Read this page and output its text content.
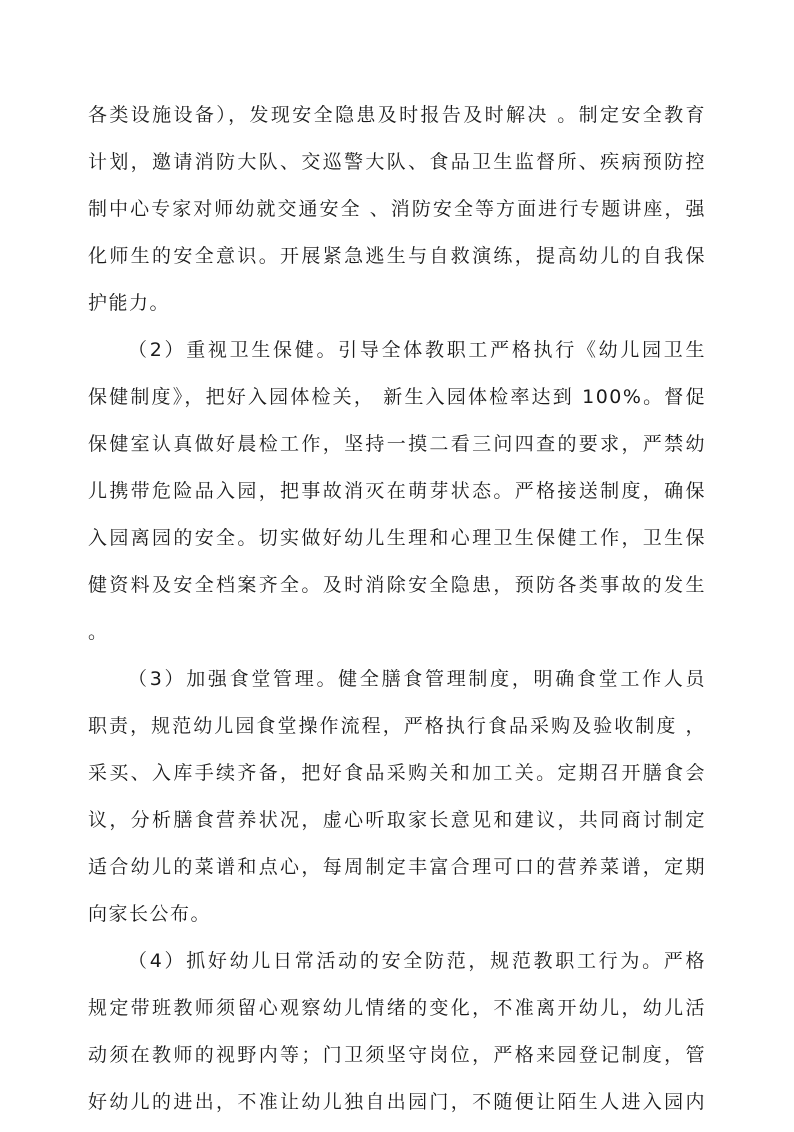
各类设施设备），发现安全隐患及时报告及时解决 。制定安全教育
计划，邀请消防大队、交巡警大队、食品卫生监督所、疾病预防控
制中心专家对师幼就交通安全 、消防安全等方面进行专题讲座，强
化师生的安全意识。开展紧急逃生与自救演练，提高幼儿的自我保
护能力。
（2）重视卫生保健。引导全体教职工严格执行《幼儿园卫生
保健制度》，把好入园体检关， 新生入园体检率达到 100%。督促
保健室认真做好晨检工作，坚持一摸二看三问四查的要求，严禁幼
儿携带危险品入园，把事故消灭在萌芽状态。严格接送制度，确保
入园离园的安全。切实做好幼儿生理和心理卫生保健工作，卫生保
健资料及安全档案齐全。及时消除安全隐患，预防各类事故的发生
。
（3）加强食堂管理。健全膳食管理制度，明确食堂工作人员
职责，规范幼儿园食堂操作流程，严格执行食品采购及验收制度 ，
采买、入库手续齐备，把好食品采购关和加工关。定期召开膳食会
议，分析膳食营养状况，虚心听取家长意见和建议，共同商讨制定
适合幼儿的菜谱和点心，每周制定丰富合理可口的营养菜谱，定期
向家长公布。
（4）抓好幼儿日常活动的安全防范，规范教职工行为。严格
规定带班教师须留心观察幼儿情绪的变化，不准离开幼儿，幼儿活
动须在教师的视野内等；门卫须坚守岗位，严格来园登记制度，管
好幼儿的进出，不准让幼儿独自出园门，不随便让陌生人进入园内
